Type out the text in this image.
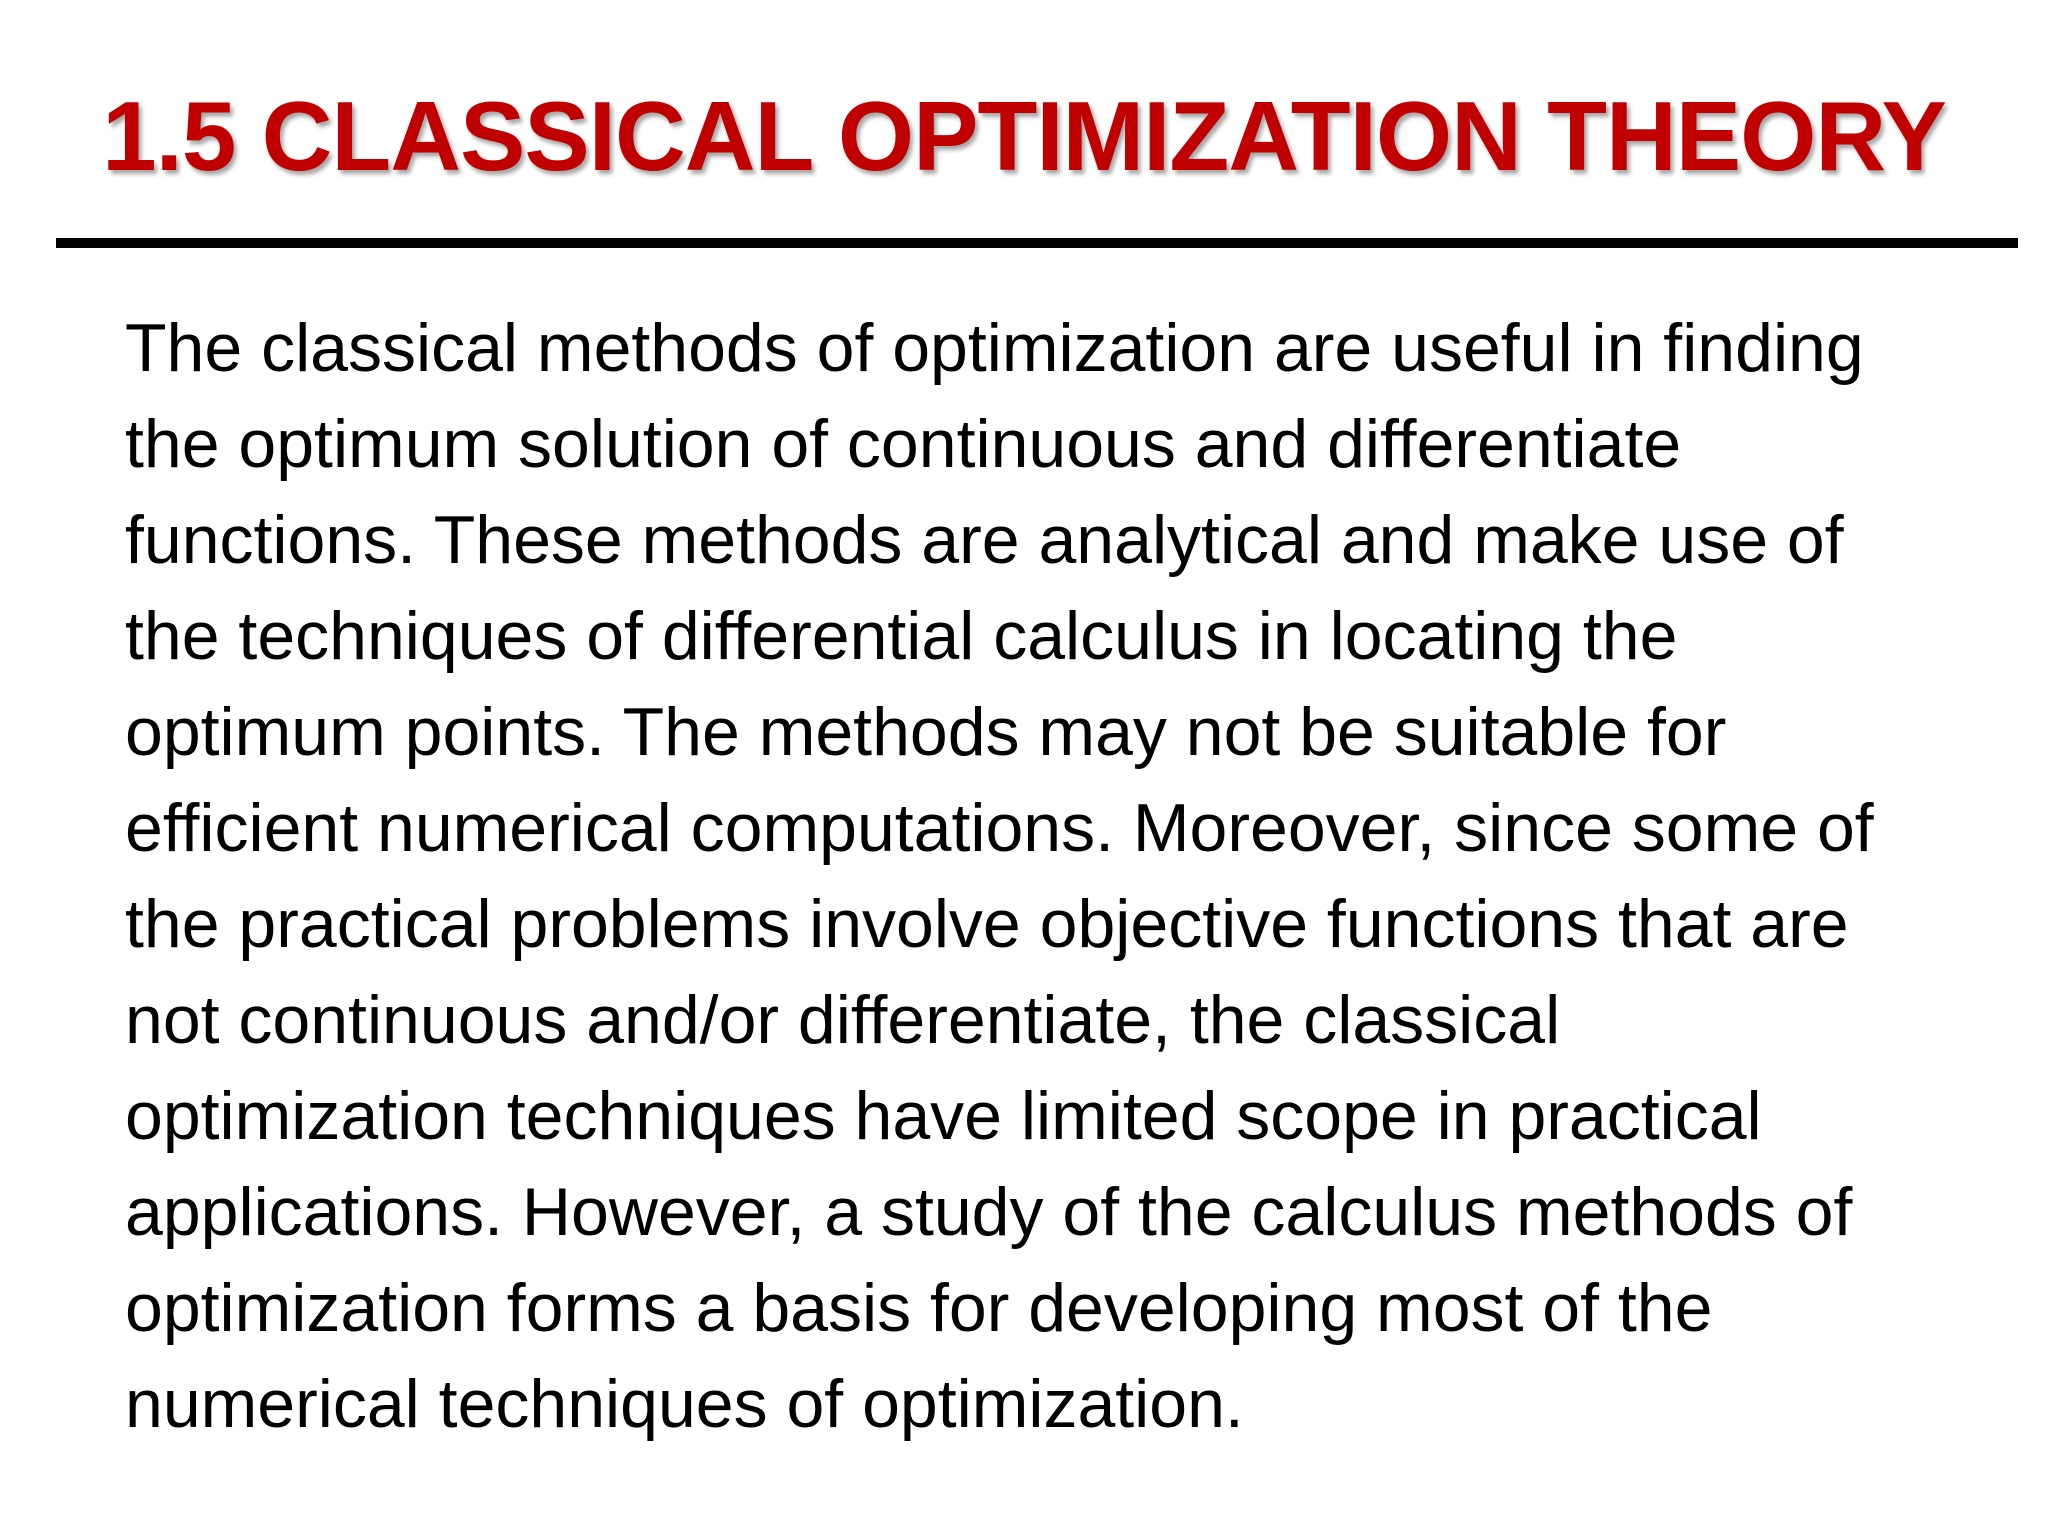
1.5 CLASSICAL OPTIMIZATION THEORY

The classical methods of optimization are useful in finding
the optimum solution of continuous and differentiate
functions. These methods are analytical and make use of
the techniques of differential calculus in locating the
optimum points. The methods may not be suitable for
efficient numerical computations. Moreover, since some of
the practical problems involve objective functions that are
not continuous and/or differentiate, the classical
optimization techniques have limited scope in practical
applications. However, a study of the calculus methods of
optimization forms a basis for developing most of the
numerical techniques of optimization.
